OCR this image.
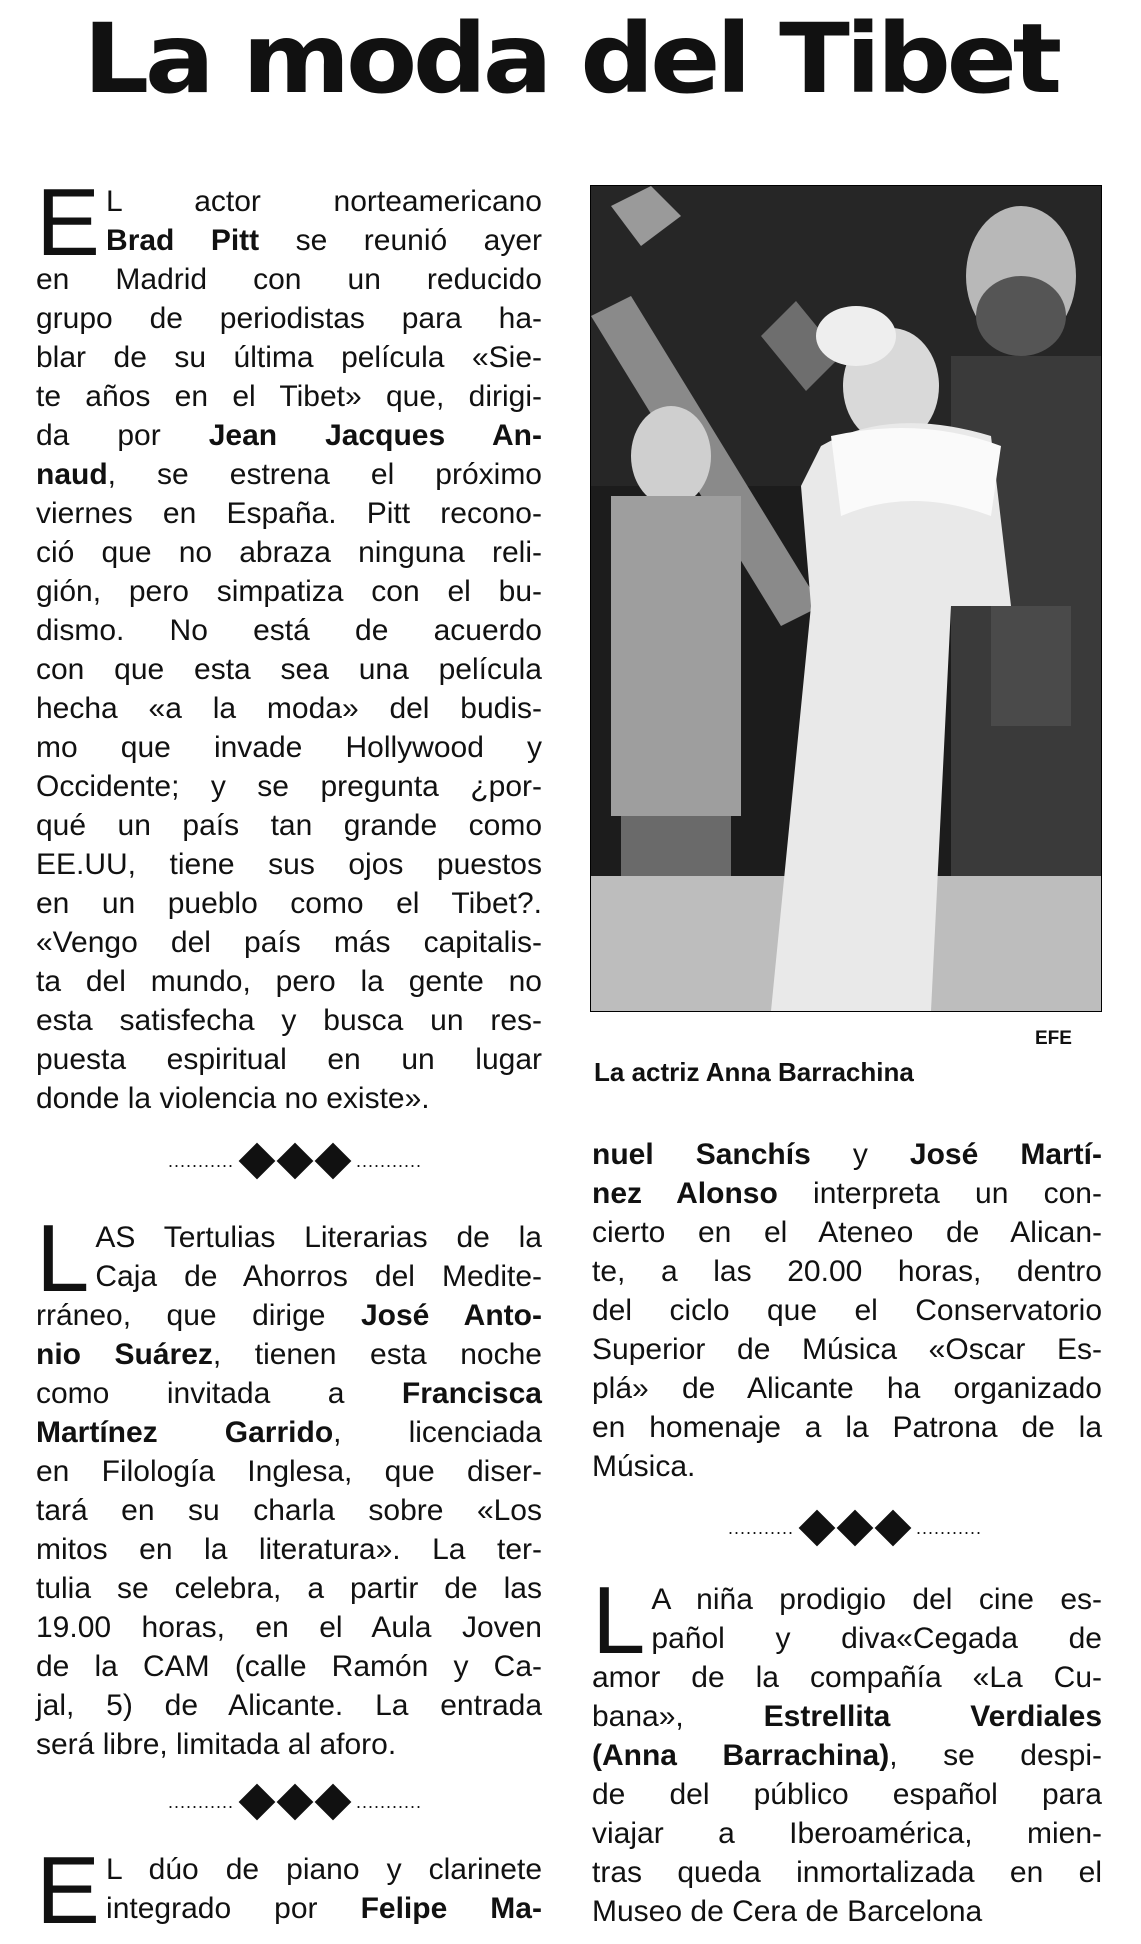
La moda del Tibet

E L actor norteamericano
Brad Pitt se reunió ayer
en Madrid con un reducido
grupo de periodistas para ha-
blar de su última película «Sie-
te años en el Tibet» que, dirigi-
da por Jean Jacques An-
naud, se estrena el próximo
viernes en España. Pitt recono-
ció que no abraza ninguna reli-
gión, pero simpatiza con el bu-
dismo. No está de acuerdo
con que esta sea una película
hecha «a la moda» del budis-
mo que invade Hollywood y
Occidente; y se pregunta ¿por-
qué un país tan grande como
EE.UU, tiene sus ojos puestos
en un pueblo como el Tibet?.
«Vengo del país más capitalis-
ta del mundo, pero la gente no
esta satisfecha y busca un res-
puesta espiritual en un lugar
donde la violencia no existe».

...........	...........

L AS Tertulias Literarias de la
Caja de Ahorros del Medite-
rráneo, que dirige José Anto-
nio Suárez, tienen esta noche
como invitada a Francisca
Martínez Garrido, licenciada
en Filología Inglesa, que diser-
tará en su charla sobre «Los
mitos en la literatura». La ter-
tulia se celebra, a partir de las
19.00 horas, en el Aula Joven
de la CAM (calle Ramón y Ca-
jal, 5) de Alicante. La entrada
será libre, limitada al aforo.

...........	...........

E L dúo de piano y clarinete
integrado por Felipe Ma-

EFE
La actriz Anna Barrachina

nuel Sanchís y José Martí-
nez Alonso interpreta un con-
cierto en el Ateneo de Alican-
te, a las 20.00 horas, dentro
del ciclo que el Conservatorio
Superior de Música «Oscar Es-
plá» de Alicante ha organizado
en homenaje a la Patrona de la
Música.

...........	...........

L A niña prodigio del cine es-
pañol y diva«Cegada de
amor de la compañía «La Cu-
bana», Estrellita Verdiales
(Anna Barrachina), se despi-
de del público español para
viajar a Iberoamérica, mien-
tras queda inmortalizada en el
Museo de Cera de Barcelona
